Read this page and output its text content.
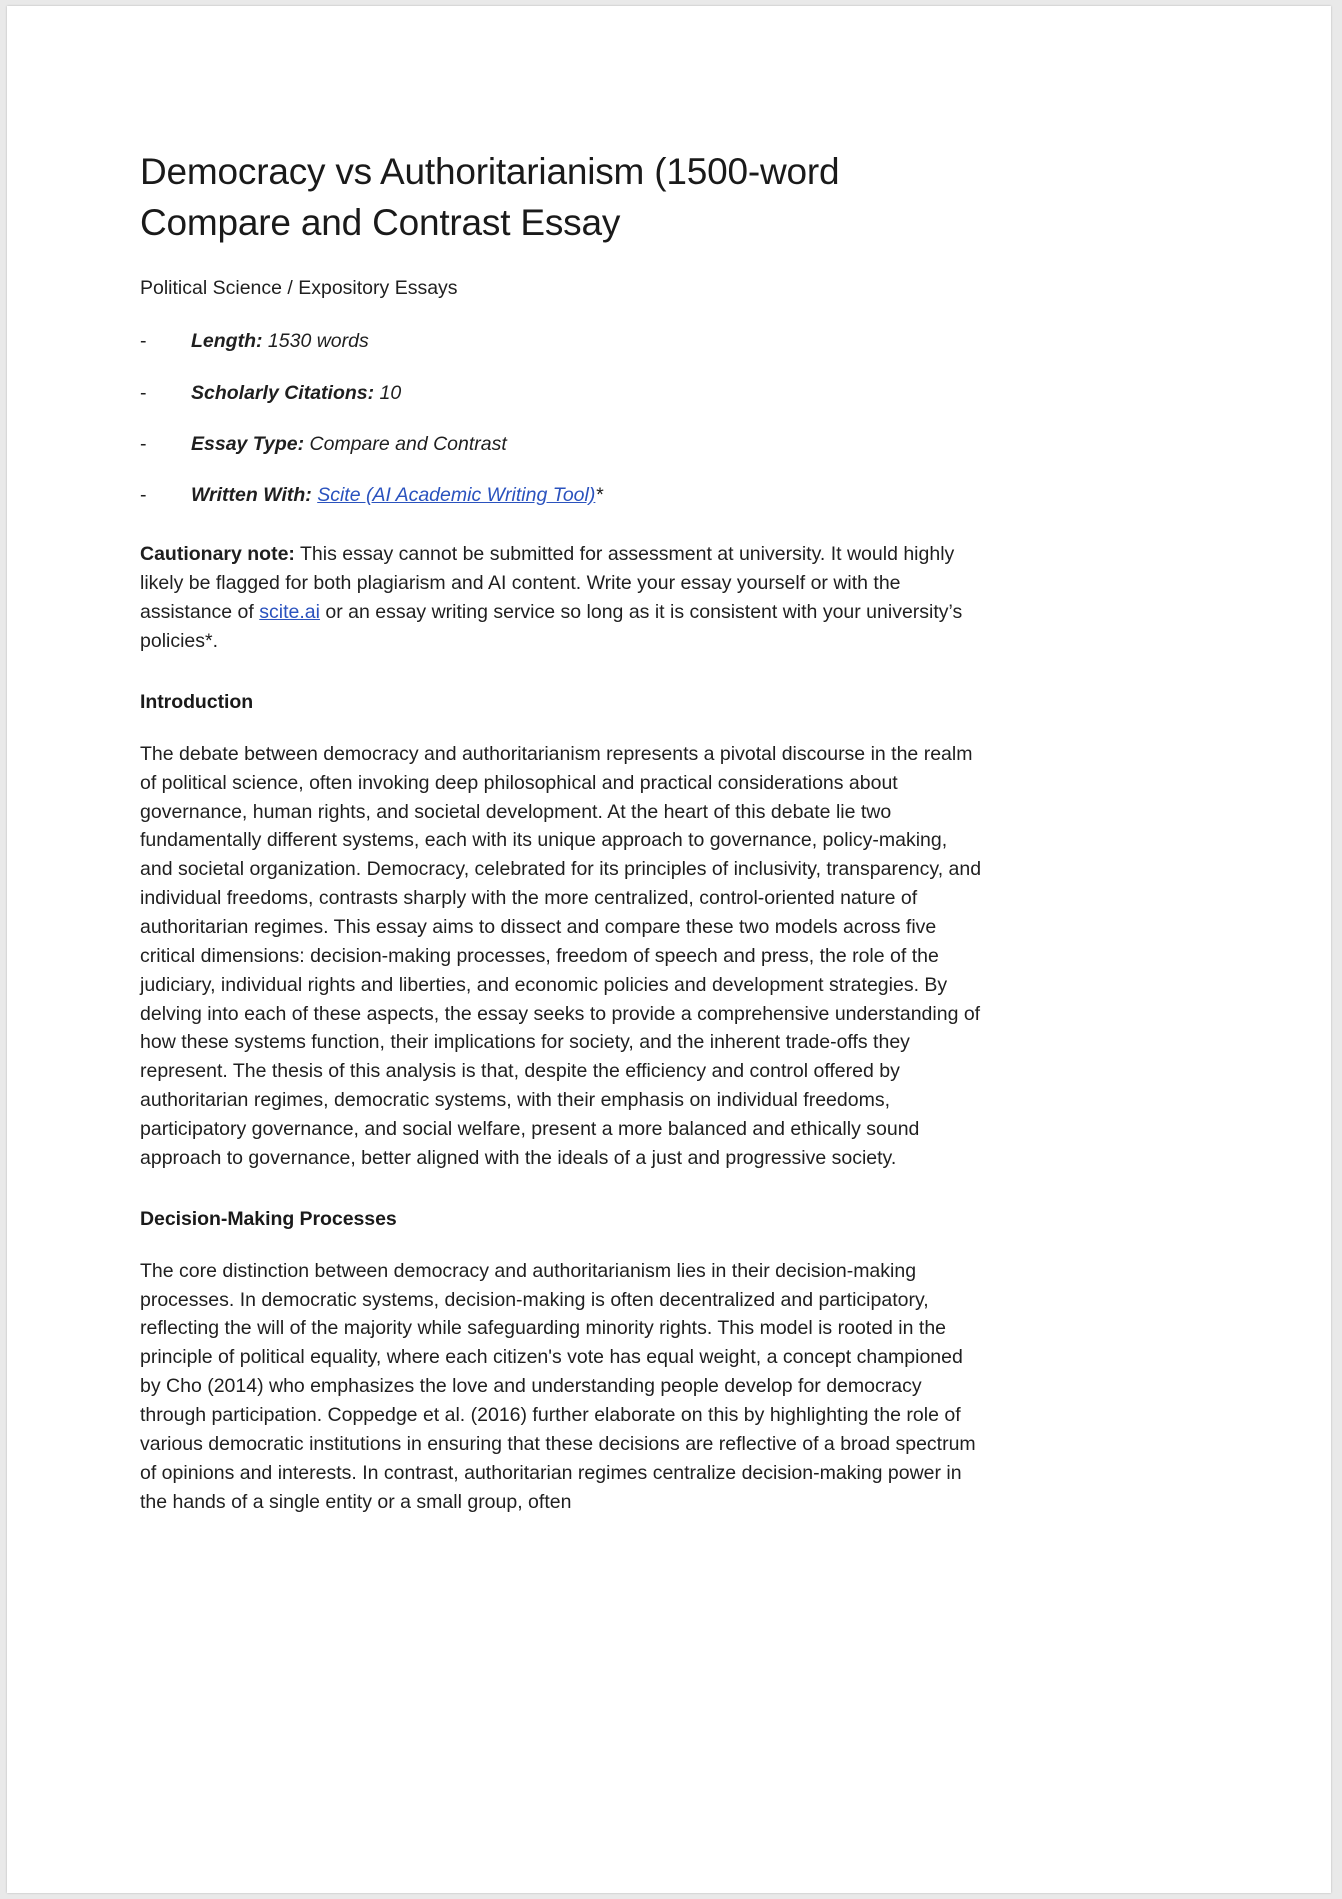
Democracy vs Authoritarianism (1500-word Compare and Contrast Essay

Political Science / Expository Essays

- Length: 1530 words
- Scholarly Citations: 10
- Essay Type: Compare and Contrast
- Written With: Scite (AI Academic Writing Tool)*

Cautionary note: This essay cannot be submitted for assessment at university. It would highly likely be flagged for both plagiarism and AI content. Write your essay yourself or with the assistance of scite.ai or an essay writing service so long as it is consistent with your university’s policies*.

Introduction

The debate between democracy and authoritarianism represents a pivotal discourse in the realm of political science, often invoking deep philosophical and practical considerations about governance, human rights, and societal development. At the heart of this debate lie two fundamentally different systems, each with its unique approach to governance, policy-making, and societal organization. Democracy, celebrated for its principles of inclusivity, transparency, and individual freedoms, contrasts sharply with the more centralized, control-oriented nature of authoritarian regimes. This essay aims to dissect and compare these two models across five critical dimensions: decision-making processes, freedom of speech and press, the role of the judiciary, individual rights and liberties, and economic policies and development strategies. By delving into each of these aspects, the essay seeks to provide a comprehensive understanding of how these systems function, their implications for society, and the inherent trade-offs they represent. The thesis of this analysis is that, despite the efficiency and control offered by authoritarian regimes, democratic systems, with their emphasis on individual freedoms, participatory governance, and social welfare, present a more balanced and ethically sound approach to governance, better aligned with the ideals of a just and progressive society.

Decision-Making Processes

The core distinction between democracy and authoritarianism lies in their decision-making processes. In democratic systems, decision-making is often decentralized and participatory, reflecting the will of the majority while safeguarding minority rights. This model is rooted in the principle of political equality, where each citizen's vote has equal weight, a concept championed by Cho (2014) who emphasizes the love and understanding people develop for democracy through participation. Coppedge et al. (2016) further elaborate on this by highlighting the role of various democratic institutions in ensuring that these decisions are reflective of a broad spectrum of opinions and interests. In contrast, authoritarian regimes centralize decision-making power in the hands of a single entity or a small group, often
